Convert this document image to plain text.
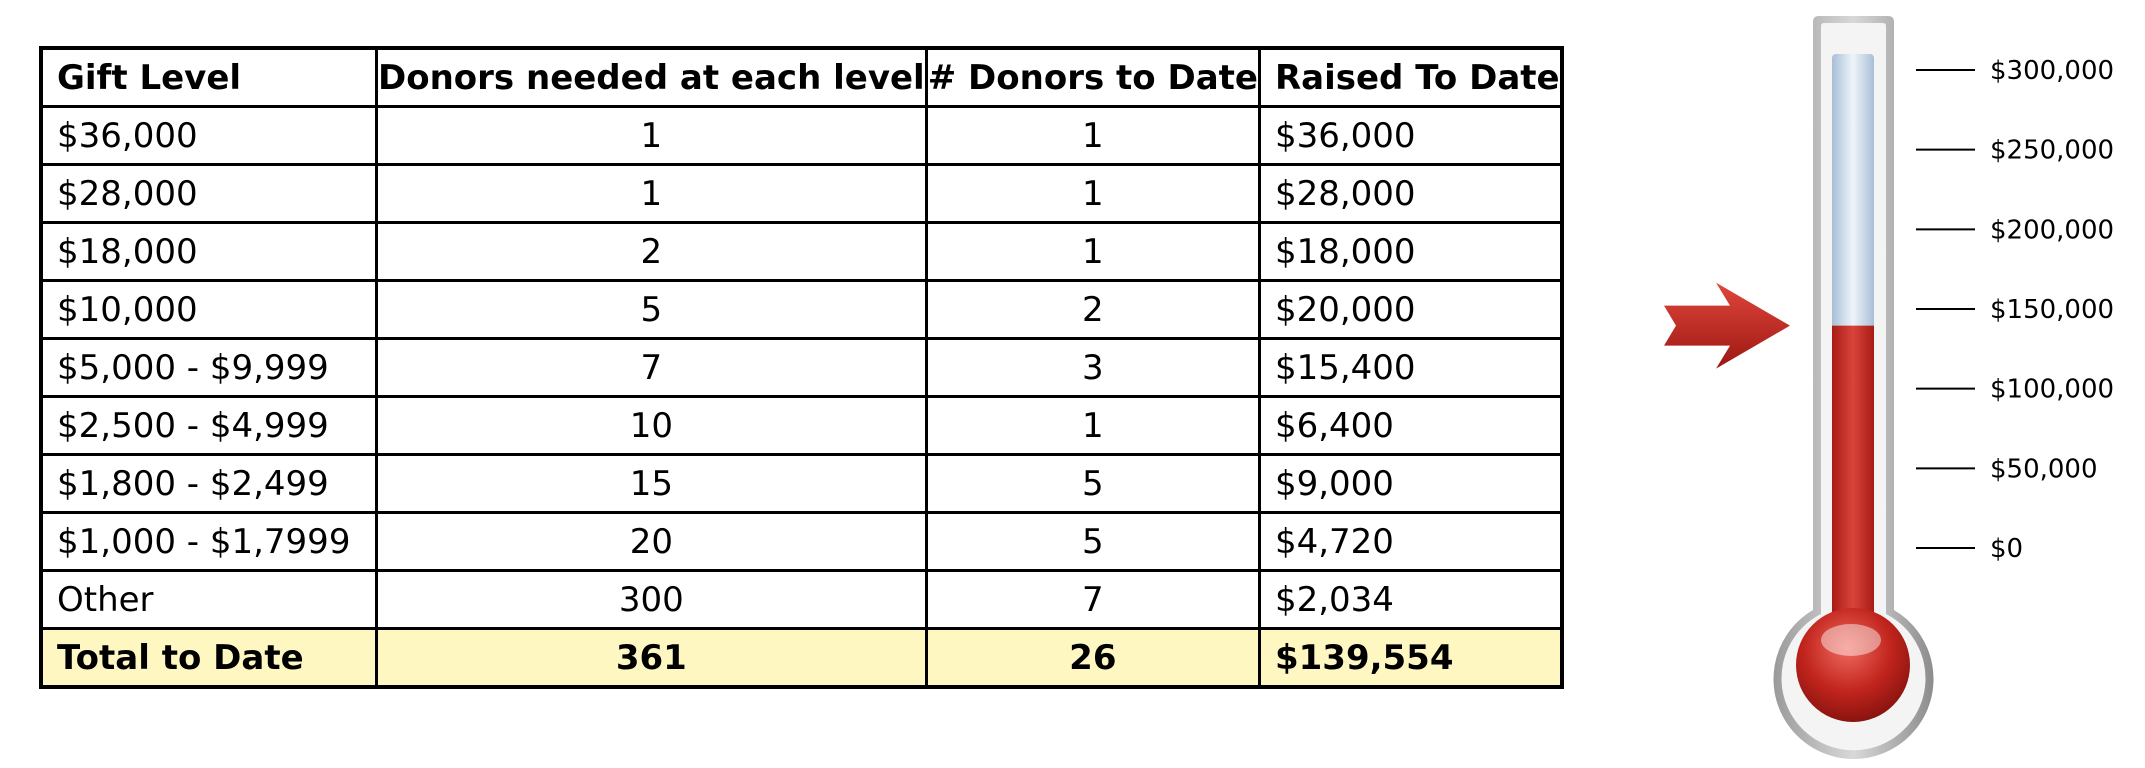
Gift Level	Donors needed at each level	# Donors to Date	Raised To Date
$36,000	1	1	$36,000
$28,000	1	1	$28,000
$18,000	2	1	$18,000
$10,000	5	2	$20,000
$5,000 - $9,999	7	3	$15,400
$2,500 - $4,999	10	1	$6,400
$1,800 - $2,499	15	5	$9,000
$1,000 - $1,7999	20	5	$4,720
Other	300	7	$2,034
Total to Date	361	26	$139,554
$0
$50,000
$100,000
$150,000
$200,000
$250,000
$300,000
